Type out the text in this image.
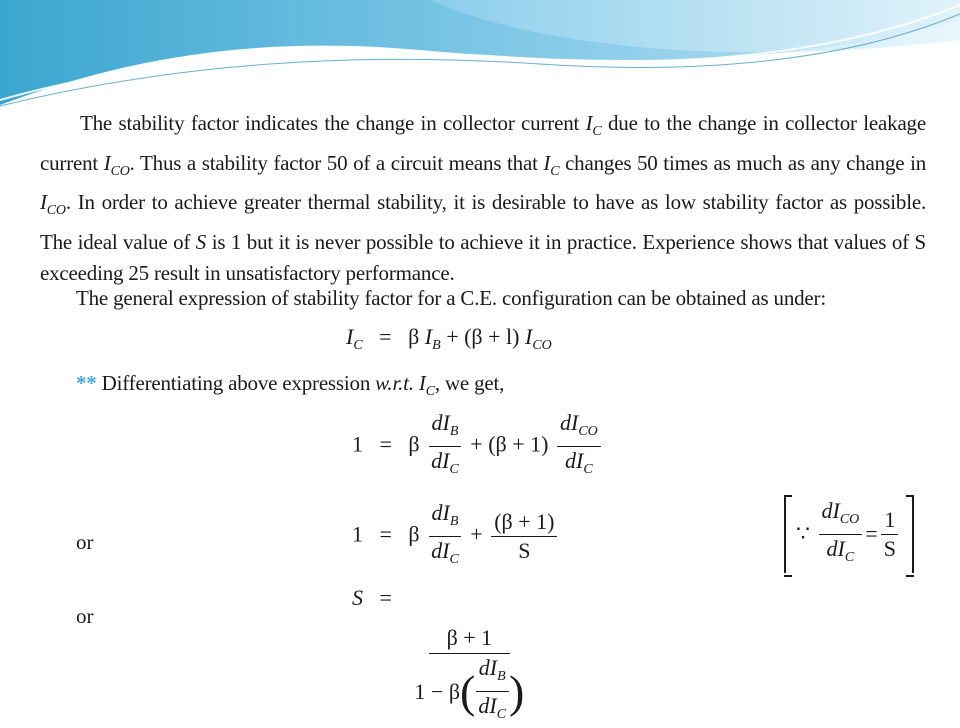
The stability factor indicates the change in collector current $I_C$ due to the change in collector leakage current $I_{CO}$. Thus a stability factor 50 of a circuit means that $I_C$ changes 50 times as much as any change in $I_{CO}$. In order to achieve greater thermal stability, it is desirable to have as low stability factor as possible. The ideal value of S is 1 but it is never possible to achieve it in practice. Experience shows that values of S exceeding 25 result in unsatisfactory performance.
The general expression of stability factor for a C.E. configuration can be obtained as under:
$I_C = \beta$ $I_B + (\beta + l)$ $I_{CO}$
** Differentiating above expression w.r.t. $I_C$, we get,
1 = β $\frac{dI_B}{dI_C} + (\beta + 1) \frac{dI_{CO}}{dI_C}$
or	1 = β $\frac{dI_B}{dI_C} + \frac{(\beta + 1)}{S}$	∵
$\frac{dI_{CO}}{dI_C} = \frac{1}{S}$
or
S =
β + 1
1 − β ( $\frac{dI_B}{dI_C}$ )
